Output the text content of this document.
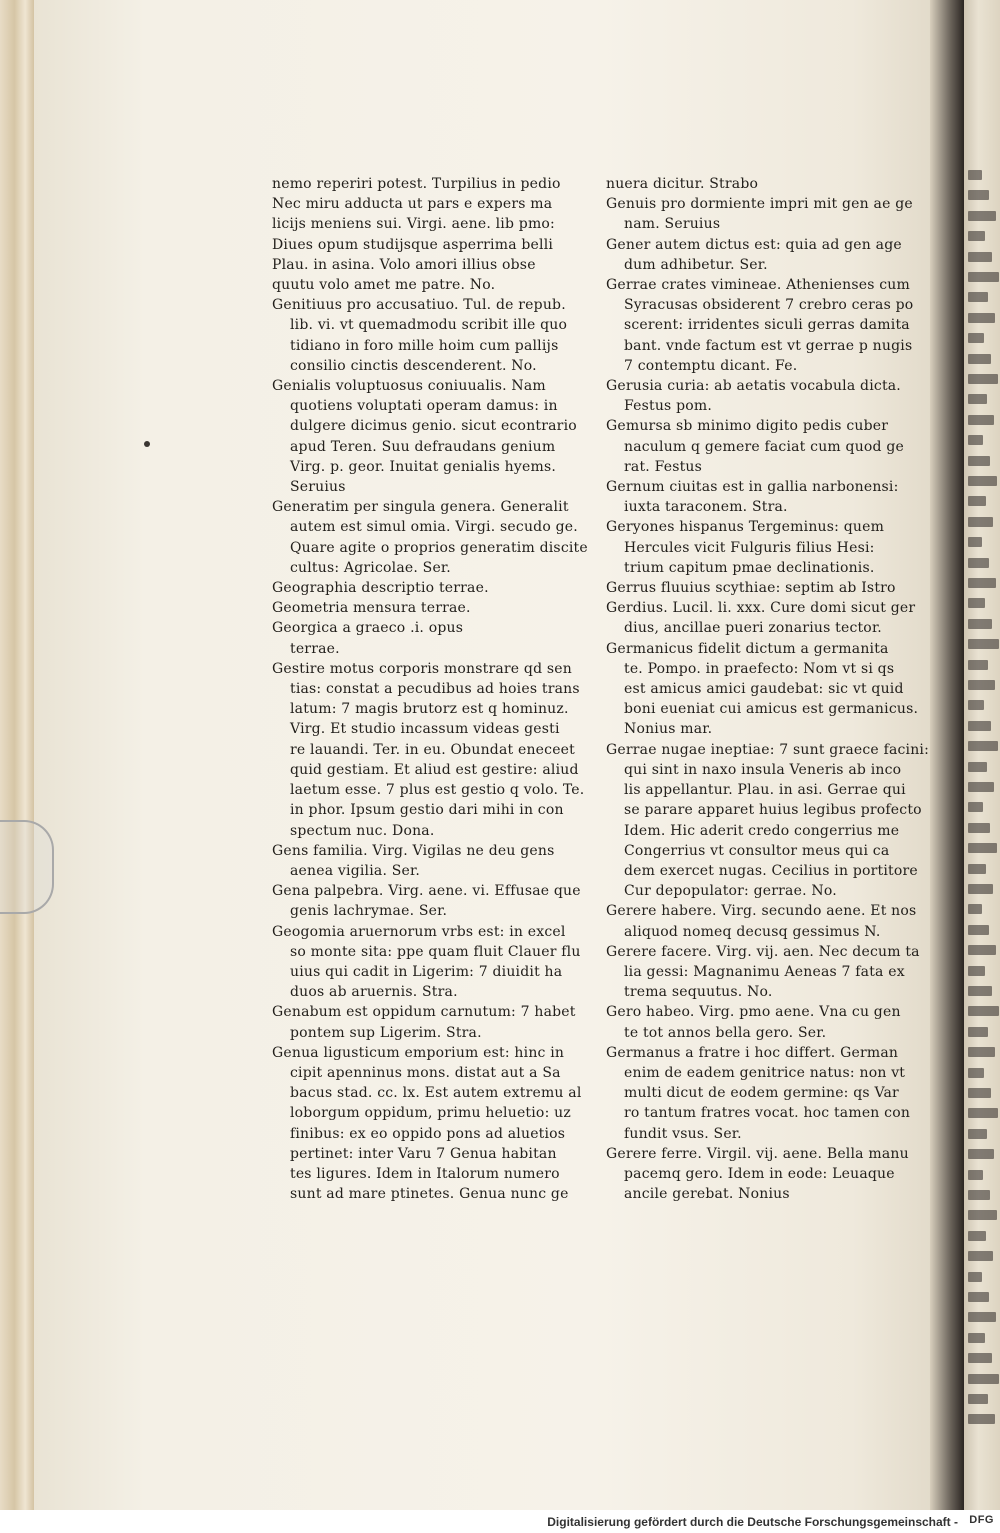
nemo reperiri potest. Turpilius in pedio

Nec miru adducta ut pars e expers ma

licijs meniens sui. Virgi. aene. lib pmo:

Diues opum studijsque asperrima belli

Plau. in asina. Volo amori illius obse

quutu volo amet me patre. No.

Genitiuus pro accusatiuo. Tul. de repub.

lib. vi. vt quemadmodu scribit ille quo

tidiano in foro mille hoim cum pallijs

consilio cinctis descenderent. No.

Genialis voluptuosus coniuualis. Nam

quotiens voluptati operam damus: in

dulgere dicimus genio. sicut econtrario

apud Teren. Suu defraudans genium

Virg. p. geor. Inuitat genialis hyems.

Seruius

Generatim per singula genera. Generalit

autem est simul omia. Virgi. secudo ge.

Quare agite o proprios generatim discite

cultus: Agricolae. Ser.

Geographia descriptio terrae.

Geometria mensura terrae.

Georgica a graeco .i. opus

terrae.

Gestire motus corporis monstrare qd sen

tias: constat a pecudibus ad hoies trans

latum: 7 magis brutorz est q hominuz.

Virg. Et studio incassum videas gesti

re lauandi. Ter. in eu. Obundat eneceet

quid gestiam. Et aliud est gestire: aliud

laetum esse. 7 plus est gestio q volo. Te.

in phor. Ipsum gestio dari mihi in con

spectum nuc. Dona.

Gens familia. Virg. Vigilas ne deu gens

aenea vigilia. Ser.

Gena palpebra. Virg. aene. vi. Effusae que

genis lachrymae. Ser.

Geogomia aruernorum vrbs est: in excel

so monte sita: ppe quam fluit Clauer flu

uius qui cadit in Ligerim: 7 diuidit ha

duos ab aruernis. Stra.

Genabum est oppidum carnutum: 7 habet

pontem sup Ligerim. Stra.

Genua ligusticum emporium est: hinc in

cipit apenninus mons. distat aut a Sa

bacus stad. cc. lx. Est autem extremu al

loborgum oppidum, primu heluetio: uz

finibus: ex eo oppido pons ad aluetios

pertinet: inter Varu 7 Genua habitan

tes ligures. Idem in Italorum numero

sunt ad mare ptinetes. Genua nunc ge

nuera dicitur. Strabo

Genuis pro dormiente impri mit gen ae ge

nam. Seruius

Gener autem dictus est: quia ad gen age

dum adhibetur. Ser.

Gerrae crates vimineae. Athenienses cum

Syracusas obsiderent 7 crebro ceras po

scerent: irridentes siculi gerras damita

bant. vnde factum est vt gerrae p nugis

7 contemptu dicant. Fe.

Gerusia curia: ab aetatis vocabula dicta.

Festus pom.

Gemursa sb minimo digito pedis cuber

naculum q gemere faciat cum quod ge

rat. Festus

Gernum ciuitas est in gallia narbonensi:

iuxta taraconem. Stra.

Geryones hispanus Tergeminus: quem

Hercules vicit Fulguris filius Hesi:

trium capitum pmae declinationis.

Gerrus fluuius scythiae: septim ab Istro

Gerdius. Lucil. li. xxx. Cure domi sicut ger

dius, ancillae pueri zonarius tector.

Germanicus fidelit dictum a germanita

te. Pompo. in praefecto: Nom vt si qs

est amicus amici gaudebat: sic vt quid

boni eueniat cui amicus est germanicus.

Nonius mar.

Gerrae nugae ineptiae: 7 sunt graece facini:

qui sint in naxo insula Veneris ab inco

lis appellantur. Plau. in asi. Gerrae qui

se parare apparet huius legibus profecto

Idem. Hic aderit credo congerrius me

Congerrius vt consultor meus qui ca

dem exercet nugas. Cecilius in portitore

Cur depopulator: gerrae. No.

Gerere habere. Virg. secundo aene. Et nos

aliquod nomeq decusq gessimus N.

Gerere facere. Virg. vij. aen. Nec decum ta

lia gessi: Magnanimu Aeneas 7 fata ex

trema sequutus. No.

Gero habeo. Virg. pmo aene. Vna cu gen

te tot annos bella gero. Ser.

Germanus a fratre i hoc differt. German

enim de eadem genitrice natus: non vt

multi dicut de eodem germine: qs Var

ro tantum fratres vocat. hoc tamen con

fundit vsus. Ser.

Gerere ferre. Virgil. vij. aene. Bella manu

pacemq gero. Idem in eode: Leuaque

ancile gerebat. Nonius

Digitalisierung gefördert durch die Deutsche Forschungsgemeinschaft - DFG
